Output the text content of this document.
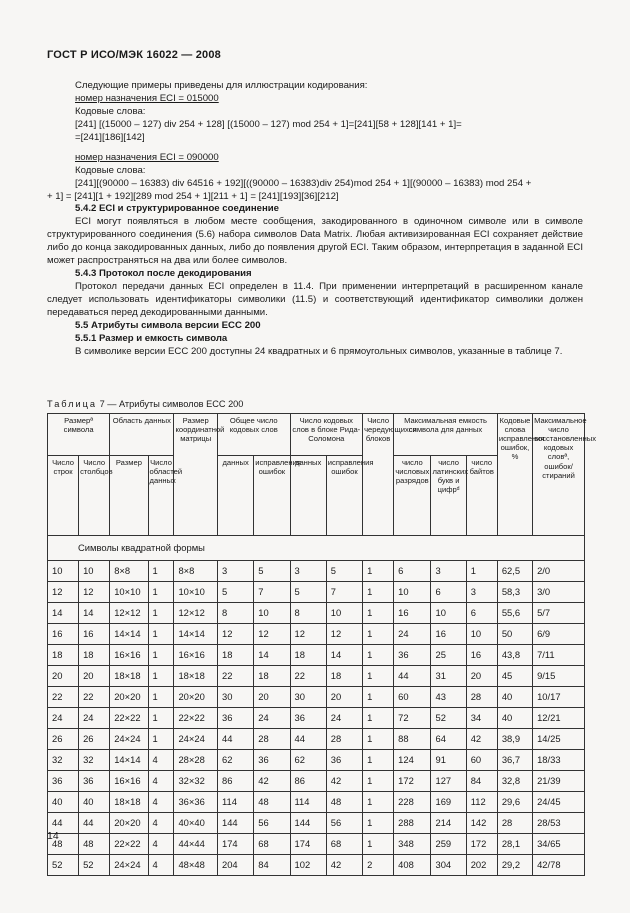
ГОСТ Р ИСО/МЭК 16022 — 2008

Следующие примеры приведены для иллюстрации кодирования:

номер назначения ECI = 015000

Кодовые слова:

[241] [(15000 – 127) div 254 + 128] [(15000 – 127) mod 254 + 1]=[241][58 + 128][141 + 1]=

=[241][186][142]

номер назначения ECI = 090000

Кодовые слова:

[241][(90000 – 16383) div 64516 + 192][((90000 – 16383)div 254)mod 254 + 1][(90000 – 16383) mod 254 +

+ 1] = [241][1 + 192][289 mod 254 + 1][211 + 1] = [241][193][36][212]

5.4.2 ECI и структурированное соединение

ECI могут появляться в любом месте сообщения, закодированного в одиночном символе или в символе структурированного соединения (5.6) набора символов Data Matrix. Любая активизированная ECI сохраняет действие либо до конца закодированных данных, либо до появления другой ECI. Таким образом, интерпретация в заданной ECI может распространяться на два или более символов.

5.4.3 Протокол после декодирования

Протокол передачи данных ECI определен в 11.4. При применении интерпретаций в расширенном канале следует использовать идентификаторы символики (11.5) и соответствующий идентификатор символики должен передаваться перед декодированными данными.

5.5 Атрибуты символа версии ECC 200

5.5.1 Размер и емкость символа

В символике версии ECC 200 доступны 24 квадратных и 6 прямоугольных символов, указанные в таблице 7.

Таблица 7 — Атрибуты символов ECC 200
Размерª символа		Область данных		Размер координатной матрицы	Общее число кодовых слов		Число кодовых слов в блоке Рида-Соломона		Число чередующихся блоков	Максимальная емкость символа для данных			Кодовые слова исправления ошибок, %	Максимальное число восстановленных кодовых словª, ошибок/ стираний
Число строк	Число столбцов	Размер	Число областей данных		данных	исправления ошибок	данных	исправления ошибок		число числовых разрядов	число латинских букв и цифрᵈ	число байтов		
Символы квадратной формы														
10	10	8×8	1	8×8	3	5	3	5	1	6	3	1	62,5	2/0
12	12	10×10	1	10×10	5	7	5	7	1	10	6	3	58,3	3/0
14	14	12×12	1	12×12	8	10	8	10	1	16	10	6	55,6	5/7
16	16	14×14	1	14×14	12	12	12	12	1	24	16	10	50	6/9
18	18	16×16	1	16×16	18	14	18	14	1	36	25	16	43,8	7/11
20	20	18×18	1	18×18	22	18	22	18	1	44	31	20	45	9/15
22	22	20×20	1	20×20	30	20	30	20	1	60	43	28	40	10/17
24	24	22×22	1	22×22	36	24	36	24	1	72	52	34	40	12/21
26	26	24×24	1	24×24	44	28	44	28	1	88	64	42	38,9	14/25
32	32	14×14	4	28×28	62	36	62	36	1	124	91	60	36,7	18/33
36	36	16×16	4	32×32	86	42	86	42	1	172	127	84	32,8	21/39
40	40	18×18	4	36×36	114	48	114	48	1	228	169	112	29,6	24/45
44	44	20×20	4	40×40	144	56	144	56	1	288	214	142	28	28/53
48	48	22×22	4	44×44	174	68	174	68	1	348	259	172	28,1	34/65
52	52	24×24	4	48×48	204	84	102	42	2	408	304	202	29,2	42/78
14
